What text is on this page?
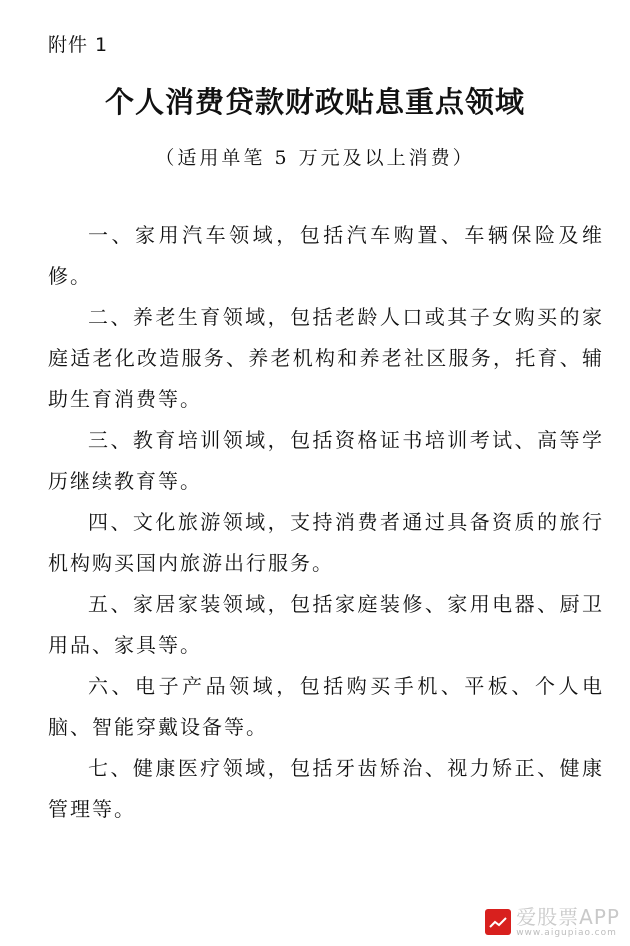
附件 1
个人消费贷款财政贴息重点领域
（适用单笔 5 万元及以上消费）

一、家用汽车领域，包括汽车购置、车辆保险及维修。

二、养老生育领域，包括老龄人口或其子女购买的家庭适老化改造服务、养老机构和养老社区服务，托育、辅助生育消费等。

三、教育培训领域，包括资格证书培训考试、高等学历继续教育等。

四、文化旅游领域，支持消费者通过具备资质的旅行机构购买国内旅游出行服务。

五、家居家装领域，包括家庭装修、家用电器、厨卫用品、家具等。

六、电子产品领域，包括购买手机、平板、个人电脑、智能穿戴设备等。

七、健康医疗领域，包括牙齿矫治、视力矫正、健康管理等。

爱股票APP
www.aigupiao.com
